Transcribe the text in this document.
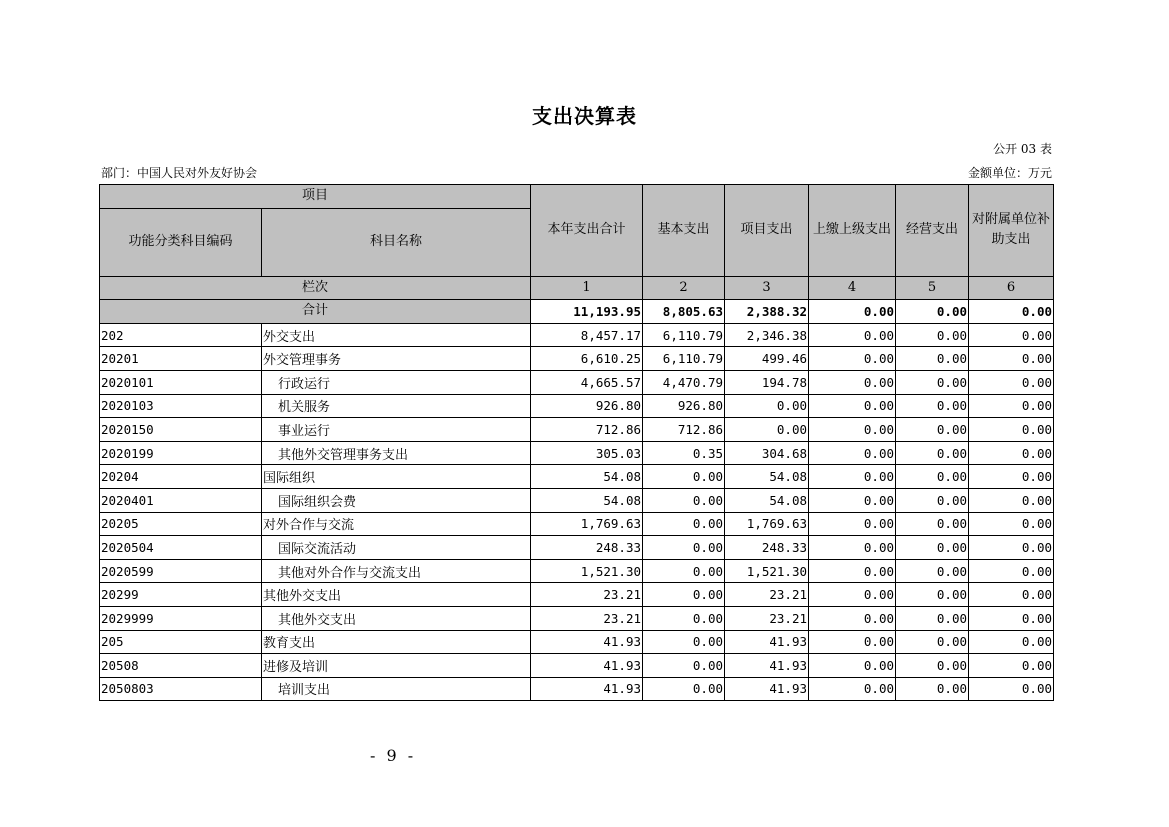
支出决算表
公开 03 表
部门：中国人民对外友好协会	金额单位：万元
项目		本年支出合计	基本支出	项目支出	上缴上级支出	经营支出	对附属单位补助支出
功能分类科目编码	科目名称						
栏次		1	2	3	4	5	6
合计		11,193.95	8,805.63	2,388.32	0.00	0.00	0.00
202	外交支出	8,457.17	6,110.79	2,346.38	0.00	0.00	0.00
20201	外交管理事务	6,610.25	6,110.79	499.46	0.00	0.00	0.00
2020101	行政运行	4,665.57	4,470.79	194.78	0.00	0.00	0.00
2020103	机关服务	926.80	926.80	0.00	0.00	0.00	0.00
2020150	事业运行	712.86	712.86	0.00	0.00	0.00	0.00
2020199	其他外交管理事务支出	305.03	0.35	304.68	0.00	0.00	0.00
20204	国际组织	54.08	0.00	54.08	0.00	0.00	0.00
2020401	国际组织会费	54.08	0.00	54.08	0.00	0.00	0.00
20205	对外合作与交流	1,769.63	0.00	1,769.63	0.00	0.00	0.00
2020504	国际交流活动	248.33	0.00	248.33	0.00	0.00	0.00
2020599	其他对外合作与交流支出	1,521.30	0.00	1,521.30	0.00	0.00	0.00
20299	其他外交支出	23.21	0.00	23.21	0.00	0.00	0.00
2029999	其他外交支出	23.21	0.00	23.21	0.00	0.00	0.00
205	教育支出	41.93	0.00	41.93	0.00	0.00	0.00
20508	进修及培训	41.93	0.00	41.93	0.00	0.00	0.00
2050803	培训支出	41.93	0.00	41.93	0.00	0.00	0.00
- 9 -
